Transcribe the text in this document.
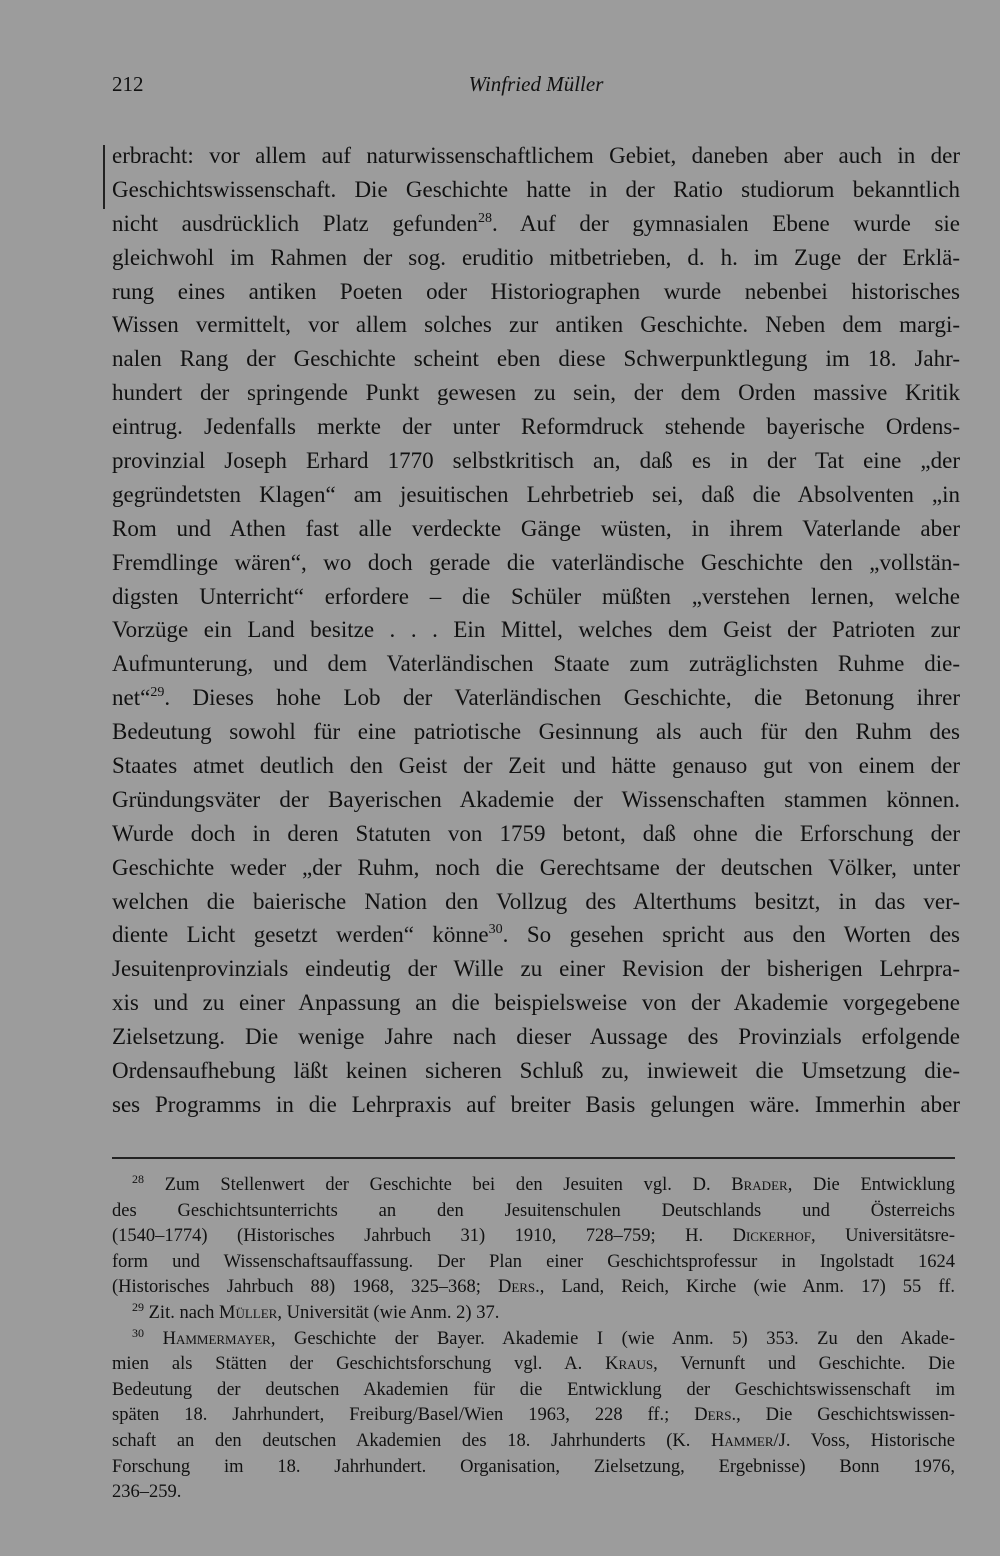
212	Winfried Müller
erbracht: vor allem auf naturwissenschaftlichem Gebiet, daneben aber auch in der
Geschichtswissenschaft. Die Geschichte hatte in der Ratio studiorum bekanntlich
nicht ausdrücklich Platz gefunden$^{28}$. Auf der gymnasialen Ebene wurde sie
gleichwohl im Rahmen der sog. eruditio mitbetrieben, d. h. im Zuge der Erklä-
rung eines antiken Poeten oder Historiographen wurde nebenbei historisches
Wissen vermittelt, vor allem solches zur antiken Geschichte. Neben dem margi-
nalen Rang der Geschichte scheint eben diese Schwerpunktlegung im 18. Jahr-
hundert der springende Punkt gewesen zu sein, der dem Orden massive Kritik
eintrug. Jedenfalls merkte der unter Reformdruck stehende bayerische Ordens-
provinzial Joseph Erhard 1770 selbstkritisch an, daß es in der Tat eine „der
gegründetsten Klagen“ am jesuitischen Lehrbetrieb sei, daß die Absolventen „in
Rom und Athen fast alle verdeckte Gänge wüsten, in ihrem Vaterlande aber
Fremdlinge wären“, wo doch gerade die vaterländische Geschichte den „vollstän-
digsten Unterricht“ erfordere – die Schüler müßten „verstehen lernen, welche
Vorzüge ein Land besitze . . . Ein Mittel, welches dem Geist der Patrioten zur
Aufmunterung, und dem Vaterländischen Staate zum zuträglichsten Ruhme die-
net“$^{29}$. Dieses hohe Lob der Vaterländischen Geschichte, die Betonung ihrer
Bedeutung sowohl für eine patriotische Gesinnung als auch für den Ruhm des
Staates atmet deutlich den Geist der Zeit und hätte genauso gut von einem der
Gründungsväter der Bayerischen Akademie der Wissenschaften stammen können.
Wurde doch in deren Statuten von 1759 betont, daß ohne die Erforschung der
Geschichte weder „der Ruhm, noch die Gerechtsame der deutschen Völker, unter
welchen die baierische Nation den Vollzug des Alterthums besitzt, in das ver-
diente Licht gesetzt werden“ könne$^{30}$. So gesehen spricht aus den Worten des
Jesuitenprovinzials eindeutig der Wille zu einer Revision der bisherigen Lehrpra-
xis und zu einer Anpassung an die beispielsweise von der Akademie vorgegebene
Zielsetzung. Die wenige Jahre nach dieser Aussage des Provinzials erfolgende
Ordensaufhebung läßt keinen sicheren Schluß zu, inwieweit die Umsetzung die-
ses Programms in die Lehrpraxis auf breiter Basis gelungen wäre. Immerhin aber
$^{28}$ Zum Stellenwert der Geschichte bei den Jesuiten vgl. D. Brader, Die Entwicklung
des Geschichtsunterrichts an den Jesuitenschulen Deutschlands und Österreichs
(1540–1774) (Historisches Jahrbuch 31) 1910, 728–759; H. Dickerhof, Universitätsre-
form und Wissenschaftsauffassung. Der Plan einer Geschichtsprofessur in Ingolstadt 1624
(Historisches Jahrbuch 88) 1968, 325–368; Ders., Land, Reich, Kirche (wie Anm. 17) 55 ff.
$^{29}$ Zit. nach Müller, Universität (wie Anm. 2) 37.
$^{30}$ Hammermayer, Geschichte der Bayer. Akademie I (wie Anm. 5) 353. Zu den Akade-
mien als Stätten der Geschichtsforschung vgl. A. Kraus, Vernunft und Geschichte. Die
Bedeutung der deutschen Akademien für die Entwicklung der Geschichtswissenschaft im
späten 18. Jahrhundert, Freiburg/Basel/Wien 1963, 228 ff.; Ders., Die Geschichtswissen-
schaft an den deutschen Akademien des 18. Jahrhunderts (K. Hammer/J. Voss, Historische
Forschung im 18. Jahrhundert. Organisation, Zielsetzung, Ergebnisse) Bonn 1976,
236–259.
